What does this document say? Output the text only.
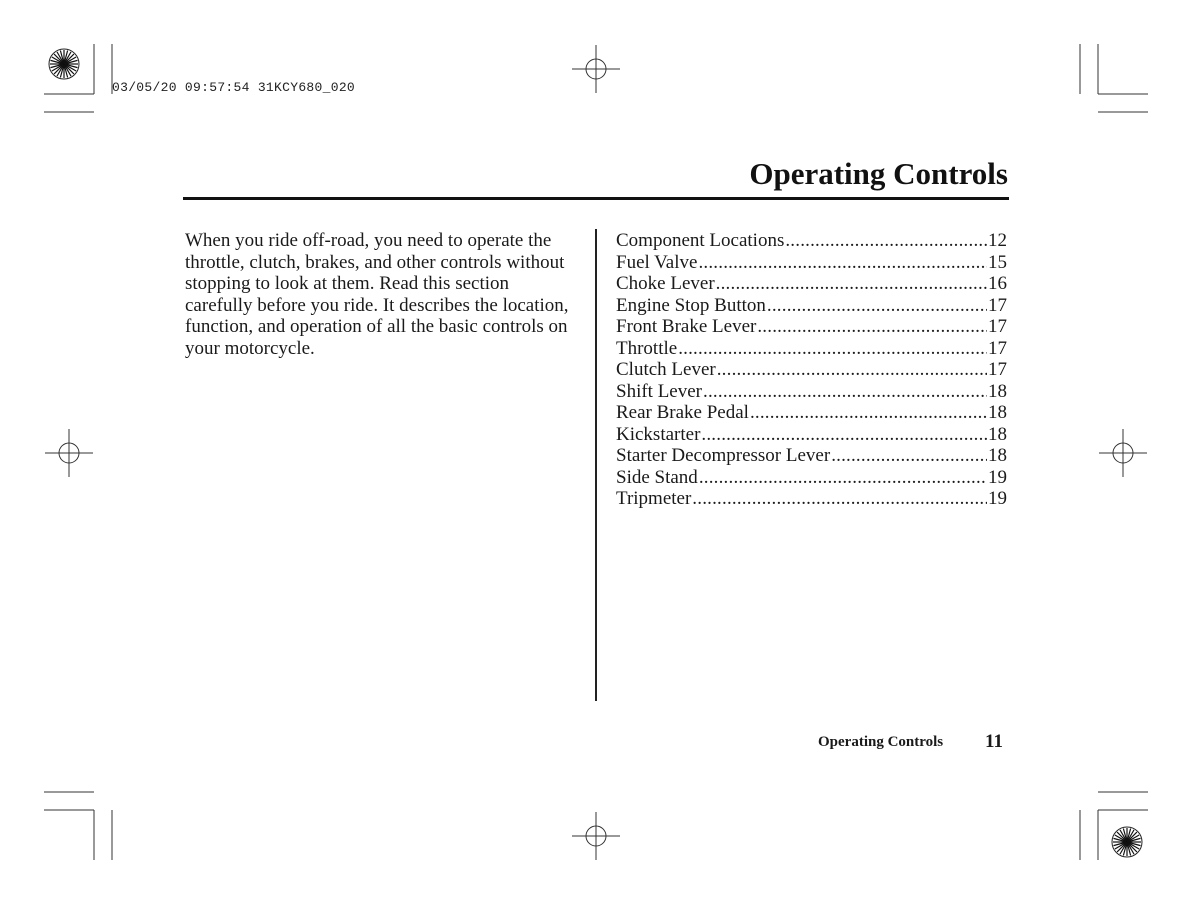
03/05/20 09:57:54 31KCY680_020
Operating Controls

When you ride off-road, you need to operate the throttle, clutch, brakes, and other controls without stopping to look at them. Read this section carefully before you ride. It describes the location, function, and operation of all the basic controls on your motorcycle.

Component Locations .....	12
Fuel Valve .....	15
Choke Lever .....	16
Engine Stop Button .....	17
Front Brake Lever .....	17
Throttle .....	17
Clutch Lever .....	17
Shift Lever .....	18
Rear Brake Pedal .....	18
Kickstarter .....	18
Starter Decompressor Lever .....	18
Side Stand .....	19
Tripmeter .....	19
Operating Controls 11
